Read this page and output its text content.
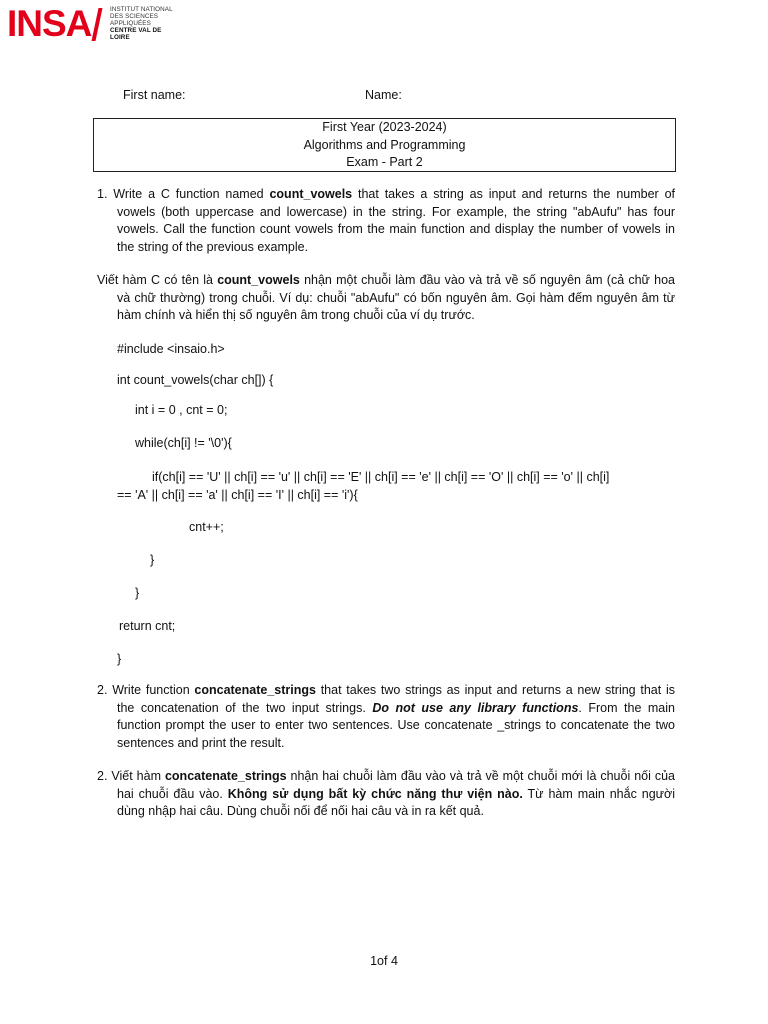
INSA	INSTITUT NATIONAL
DES SCIENCES
APPLIQUÉES
CENTRE VAL DE LOIRE
First name:	Name:
First Year (2023-2024)
Algorithms and Programming
Exam - Part 2
1. Write a C function named count_vowels that takes a string as input and returns the number of vowels (both uppercase and lowercase) in the string. For example, the string "abAufu" has four vowels. Call the function count vowels from the main function and display the number of vowels in the string of the previous example.
Viết hàm C có tên là count_vowels nhận một chuỗi làm đầu vào và trả về số nguyên âm (cả chữ hoa và chữ thường) trong chuỗi. Ví dụ: chuỗi "abAufu" có bốn nguyên âm. Gọi hàm đếm nguyên âm từ hàm chính và hiển thị số nguyên âm trong chuỗi của ví dụ trước.
#include <insaio.h>
int count_vowels(char ch[]) {
int i = 0 , cnt = 0;
while(ch[i] != '\0'){
if(ch[i] == 'U' || ch[i] == 'u' || ch[i] == 'E' || ch[i] == 'e' || ch[i] == 'O' || ch[i] == 'o' || ch[i]
== 'A' || ch[i] == 'a' || ch[i] == 'I' || ch[i] == 'i'){
cnt++;
}
}
return cnt;
}
2. Write function concatenate_strings that takes two strings as input and returns a new string that is the concatenation of the two input strings. Do not use any library functions. From the main function prompt the user to enter two sentences. Use concatenate _strings to concatenate the two sentences and print the result.
2. Viết hàm concatenate_strings nhận hai chuỗi làm đầu vào và trả về một chuỗi mới là chuỗi nối của hai chuỗi đầu vào. Không sử dụng bất kỳ chức năng thư viện nào. Từ hàm main nhắc người dùng nhập hai câu. Dùng chuỗi nối để nối hai câu và in ra kết quả.
1of 4
